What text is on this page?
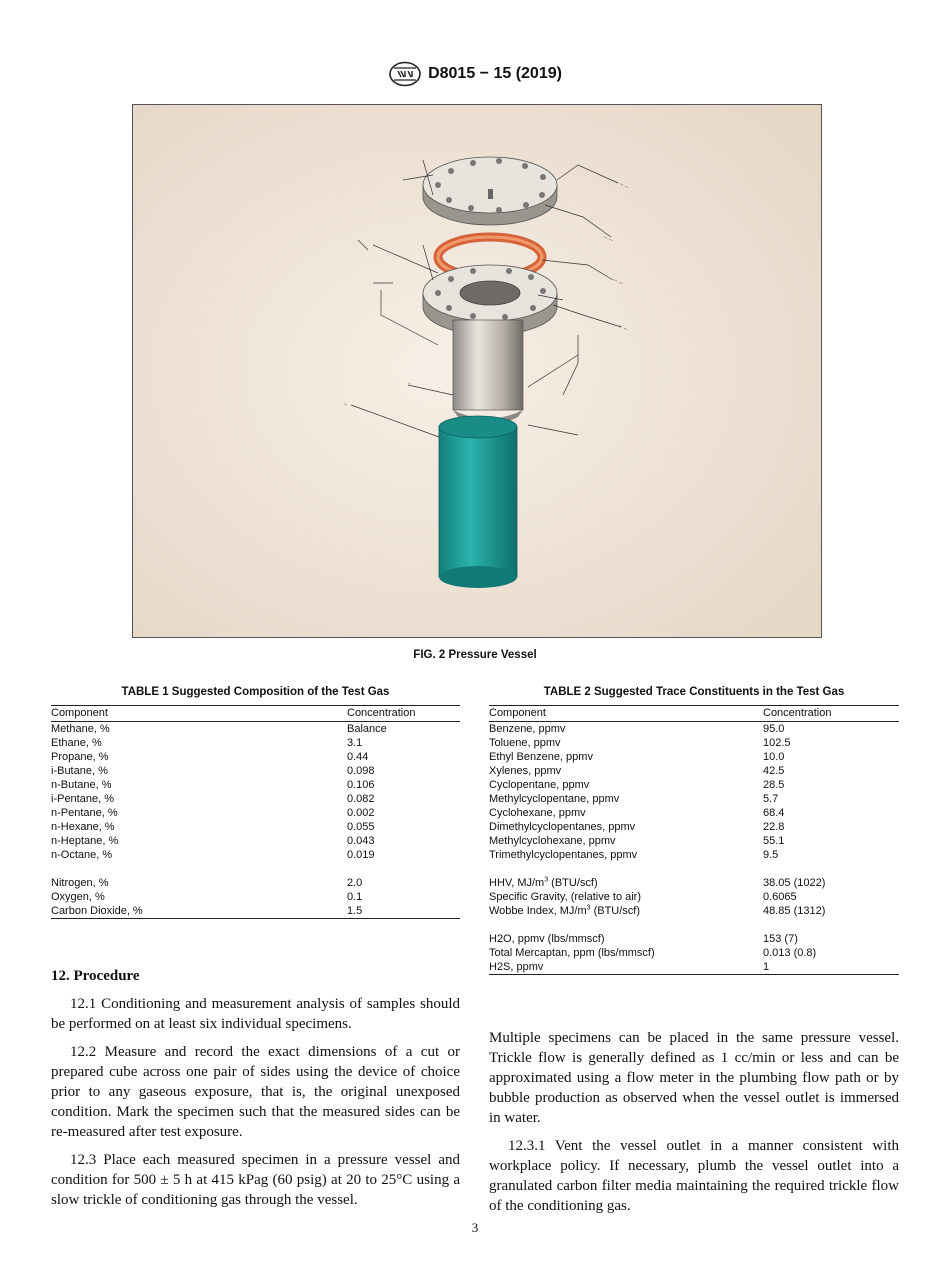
D8015 − 15 (2019)
-- --
-- --
-- --
-- --
--
--
FIG. 2 Pressure Vessel
TABLE 1 Suggested Composition of the Test Gas
Component	Concentration
Methane, %	Balance
Ethane, %	3.1
Propane, %	0.44
i-Butane, %	0.098
n-Butane, %	0.106
i-Pentane, %	0.082
n-Pentane, %	0.002
n-Hexane, %	0.055
n-Heptane, %	0.043
n-Octane, %	0.019
Nitrogen, %	2.0
Oxygen, %	0.1
Carbon Dioxide, %	1.5
TABLE 2 Suggested Trace Constituents in the Test Gas
Component	Concentration
Benzene, ppmv	95.0
Toluene, ppmv	102.5
Ethyl Benzene, ppmv	10.0
Xylenes, ppmv	42.5
Cyclopentane, ppmv	28.5
Methylcyclopentane, ppmv	5.7
Cyclohexane, ppmv	68.4
Dimethylcyclopentanes, ppmv	22.8
Methylcyclohexane, ppmv	55.1
Trimethylcyclopentanes, ppmv	9.5
HHV, $MJ/m^3$ (BTU/scf)	38.05 (1022)
Specific Gravity, (relative to air)	0.6065
Wobbe Index, $MJ/m^3$ (BTU/scf)	48.85 (1312)
H2O, ppmv (lbs/mmscf)	153 (7)
Total Mercaptan, ppm (lbs/mmscf)	0.013 (0.8)
H2S, ppmv	1
12. Procedure

12.1 Conditioning and measurement analysis of samples should be performed on at least six individual specimens.

12.2 Measure and record the exact dimensions of a cut or prepared cube across one pair of sides using the device of choice prior to any gaseous exposure, that is, the original unexposed condition. Mark the specimen such that the measured sides can be re-measured after test exposure.

12.3 Place each measured specimen in a pressure vessel and condition for 500 ± 5 h at 415 kPag (60 psig) at 20 to 25°C using a slow trickle of conditioning gas through the vessel.

Multiple specimens can be placed in the same pressure vessel. Trickle flow is generally defined as 1 cc/min or less and can be approximated using a flow meter in the plumbing flow path or by bubble production as observed when the vessel outlet is immersed in water.

12.3.1 Vent the vessel outlet in a manner consistent with workplace policy. If necessary, plumb the vessel outlet into a granulated carbon filter media maintaining the required trickle flow of the conditioning gas.

3
